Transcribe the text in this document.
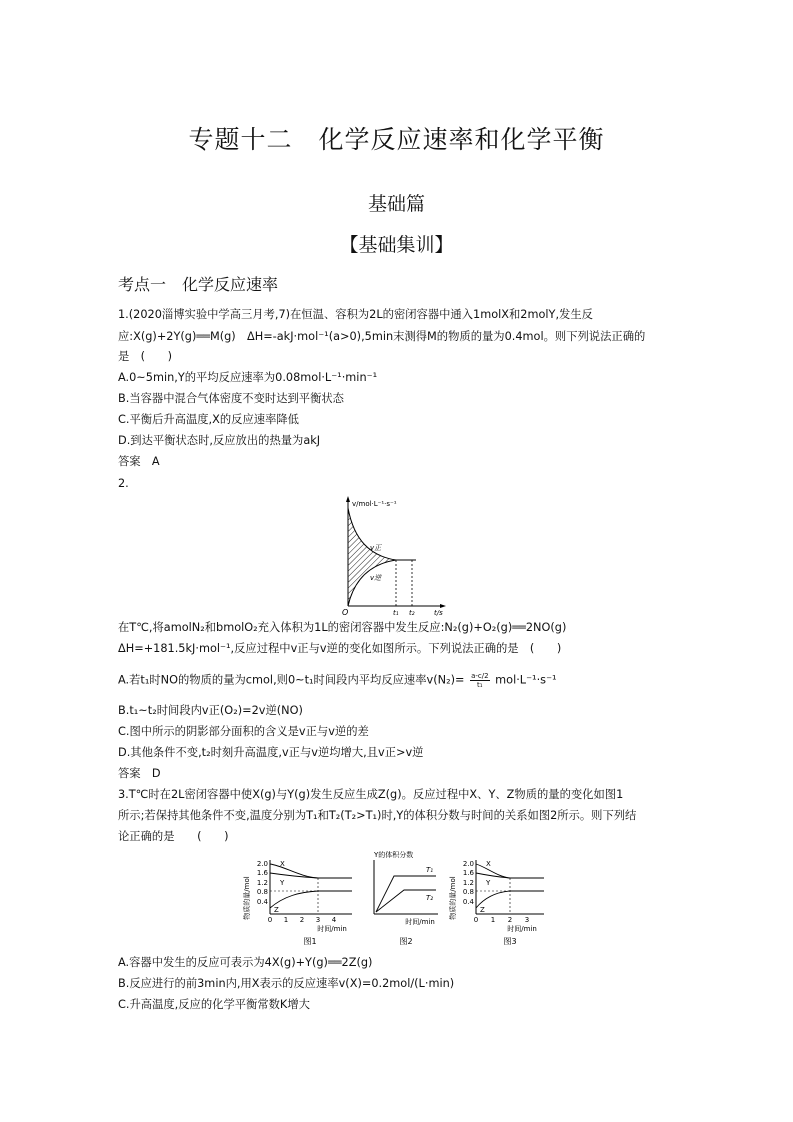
专题十二　化学反应速率和化学平衡
基础篇
【基础集训】
考点一　化学反应速率
1.(2020淄博实验中学高三月考,7)在恒温、容积为2L的密闭容器中通入1molX和2molY,发生反
应:X(g)+2Y(g)══M(g)　ΔH=-akJ·mol⁻¹(a>0),5min末测得M的物质的量为0.4mol。则下列说法正确的
是　(　　)
A.0~5min,Y的平均反应速率为0.08mol·L⁻¹·min⁻¹
B.当容器中混合气体密度不变时达到平衡状态
C.平衡后升高温度,X的反应速率降低
D.到达平衡状态时,反应放出的热量为akJ
答案　A
2.
v/mol·L⁻¹·s⁻¹
t/s
O
v正
v逆
t₁ t₂
在T℃,将amolN₂和bmolO₂充入体积为1L的密闭容器中发生反应:N₂(g)+O₂(g)══2NO(g)
ΔH=+181.5kJ·mol⁻¹,反应过程中v正与v逆的变化如图所示。下列说法正确的是　(　　)
A.若t₁时NO的物质的量为cmol,则0~t₁时间段内平均反应速率$v(N_2)= \frac{a-c/2}{\text{t₁}} mol\cdot L^{-1}\cdot s^{-1}$
B.t₁~t₂时间段内v正(O₂)=2v逆(NO)
C.图中所示的阴影部分面积的含义是v正与v逆的差
D.其他条件不变,t₂时刻升高温度,v正与v逆均增大,且v正>v逆
答案　D
3.T℃时在2L密闭容器中使X(g)与Y(g)发生反应生成Z(g)。反应过程中X、Y、Z物质的量的变化如图1
所示;若保持其他条件不变,温度分别为T₁和T₂(T₂>T₁)时,Y的体积分数与时间的关系如图2所示。则下列结
论正确的是　　(　　)
物质的量/mol
2.0
1.6
1.2
0.8
0.4
X
Y
Z
0 1 2 3 4
时间/min
图1
Y的体积分数
T₁
T₂
时间/min
图2
物质的量/mol
2.0
1.6
1.2
0.8
0.4
X
Y
Z
0 1 2 3
时间/min
图3
A.容器中发生的反应可表示为4X(g)+Y(g)══2Z(g)
B.反应进行的前3min内,用X表示的反应速率v(X)=0.2mol/(L·min)
C.升高温度,反应的化学平衡常数K增大
